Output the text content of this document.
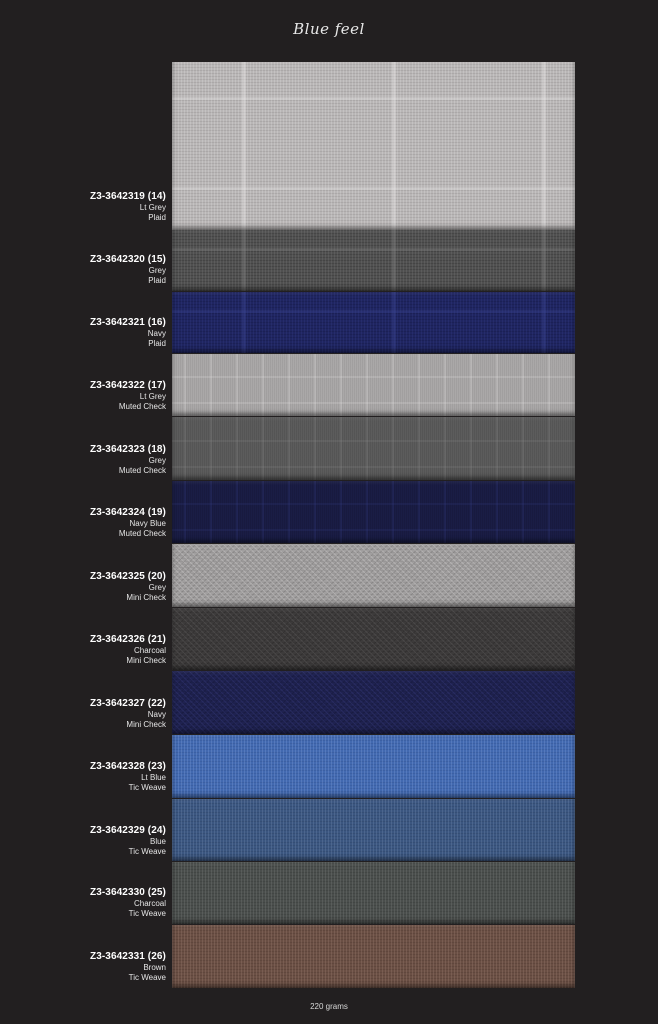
Blue feel
Z3-3642319 (14)
Lt Grey
Plaid
Z3-3642320 (15)
Grey
Plaid
Z3-3642321 (16)
Navy
Plaid
Z3-3642322 (17)
Lt Grey
Muted Check
Z3-3642323 (18)
Grey
Muted Check
Z3-3642324 (19)
Navy Blue
Muted Check
Z3-3642325 (20)
Grey
Mini Check
Z3-3642326 (21)
Charcoal
Mini Check
Z3-3642327 (22)
Navy
Mini Check
Z3-3642328 (23)
Lt Blue
Tic Weave
Z3-3642329 (24)
Blue
Tic Weave
Z3-3642330 (25)
Charcoal
Tic Weave
Z3-3642331 (26)
Brown
Tic Weave
220 grams
